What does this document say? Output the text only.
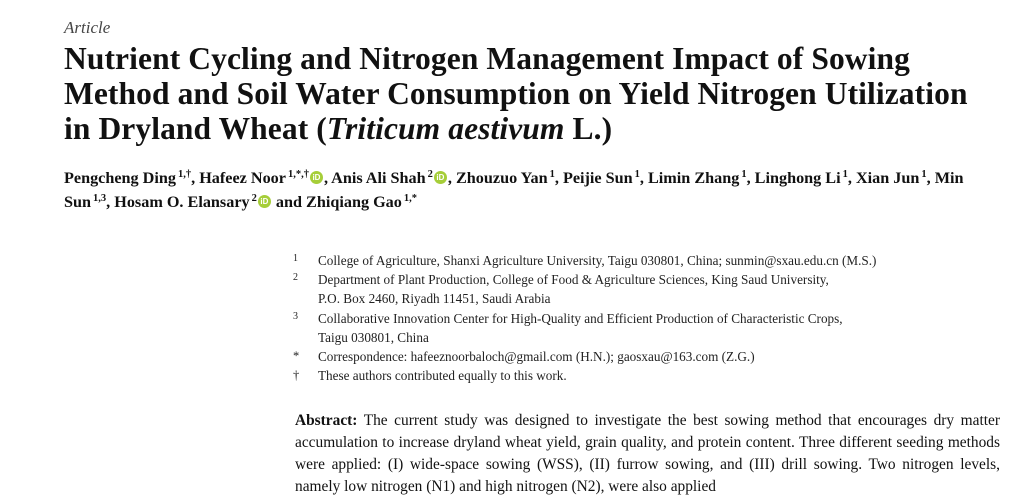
Article
Nutrient Cycling and Nitrogen Management Impact of Sowing Method and Soil Water Consumption on Yield Nitrogen Utilization in Dryland Wheat (Triticum aestivum L.)
Pengcheng Ding $^{1,\dagger}$, Hafeez Noor $^{1,*,\dagger}$ iD , Anis Ali Shah $^2$ iD , Zhouzuo Yan $^1$, Peijie Sun $^1$, Limin Zhang $^1$, Linghong Li $^1$, Xian Jun $^1$, Min Sun $^{1,3}$, Hosam O. Elansary $^2$ iD and Zhiqiang Gao $^{1,*}$
1	College of Agriculture, Shanxi Agriculture University, Taigu 030801, China; sunmin@sxau.edu.cn (M.S.)
2	Department of Plant Production, College of Food & Agriculture Sciences, King Saud University,
P.O. Box 2460, Riyadh 11451, Saudi Arabia
3	Collaborative Innovation Center for High-Quality and Efficient Production of Characteristic Crops,
Taigu 030801, China
*	Correspondence: hafeeznoorbaloch@gmail.com (H.N.); gaosxau@163.com (Z.G.)
†	These authors contributed equally to this work.
Abstract: The current study was designed to investigate the best sowing method that encourages dry matter accumulation to increase dryland wheat yield, grain quality, and protein content. Three different seeding methods were applied: (I) wide-space sowing (WSS), (II) furrow sowing, and (III) drill sowing. Two nitrogen levels, namely low nitrogen (N1) and high nitrogen (N2), were also applied
